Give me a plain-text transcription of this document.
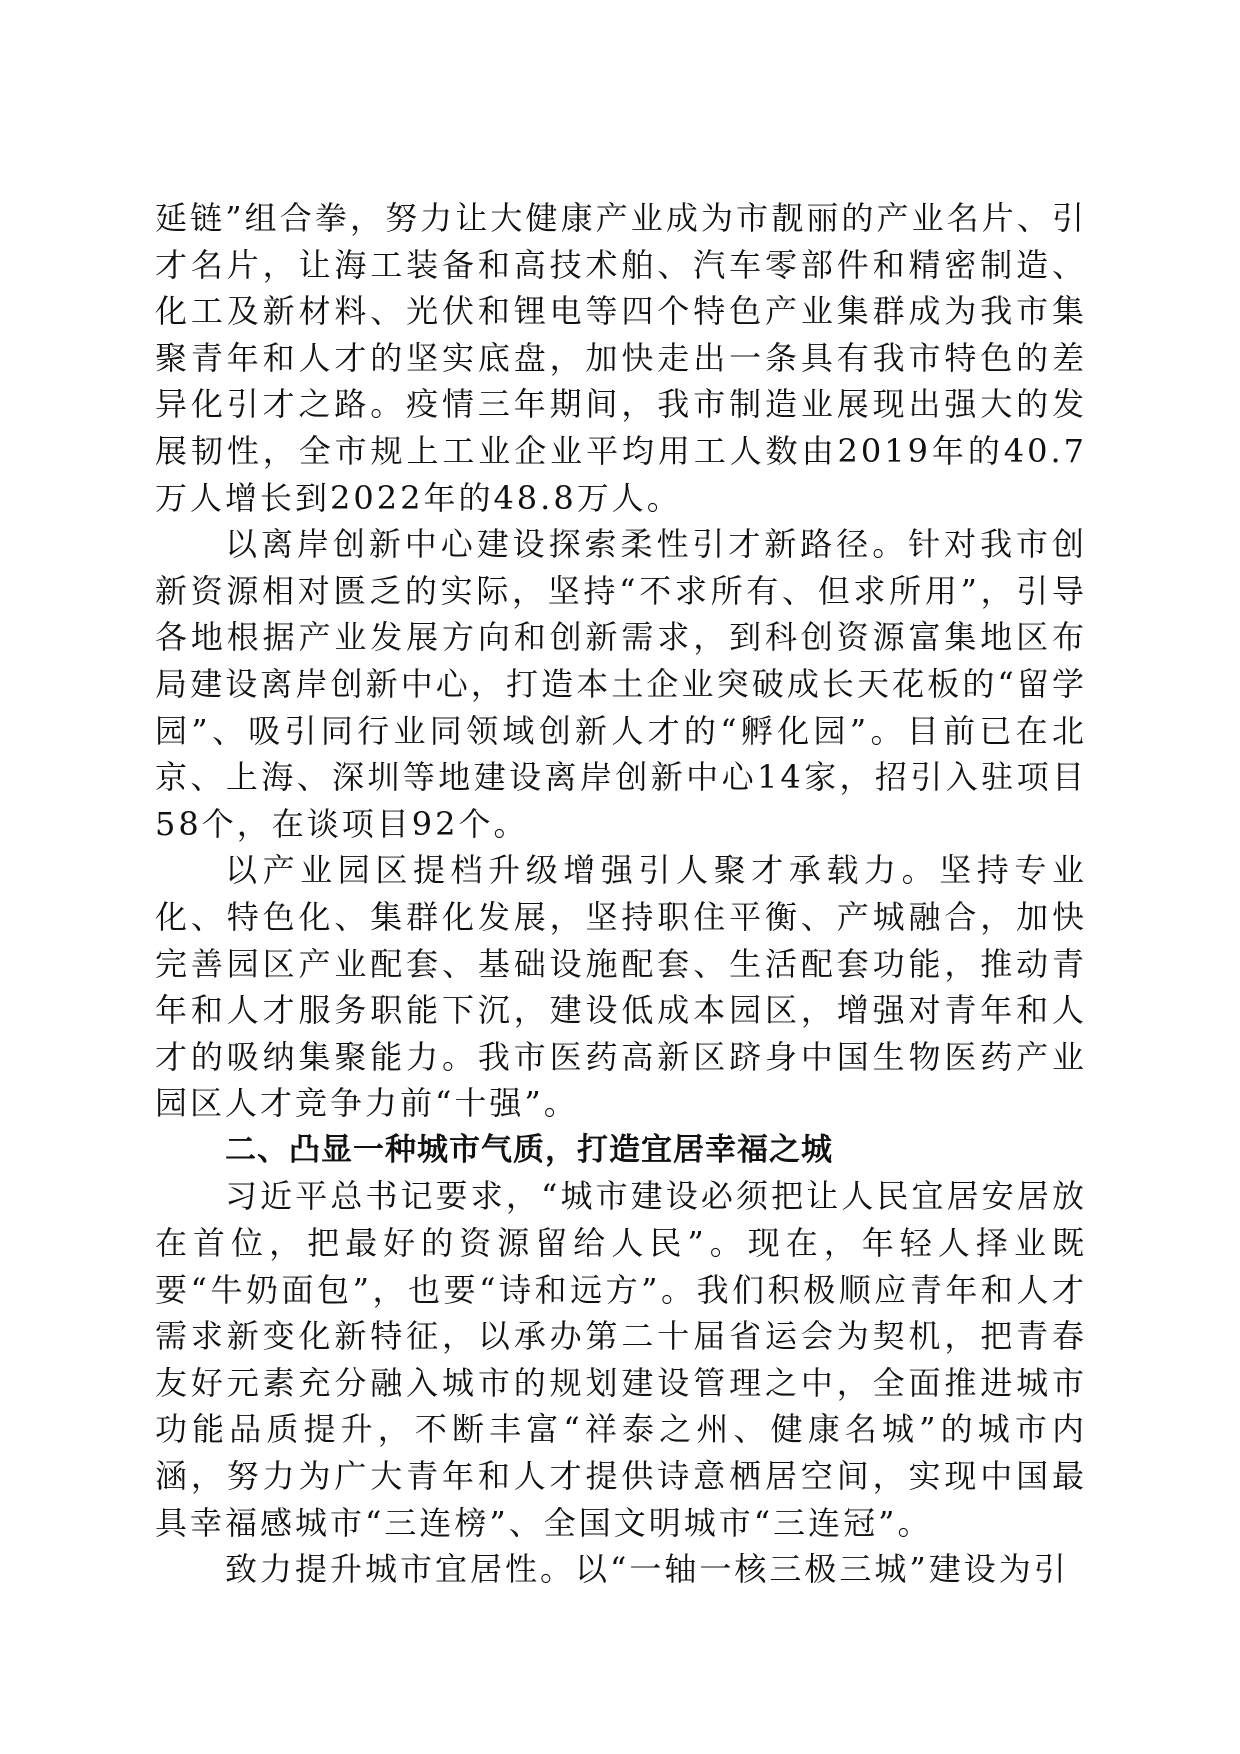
延链”组合拳，努力让大健康产业成为市靓丽的产业名片、引才名片，让海工装备和高技术舶、汽车零部件和精密制造、化工及新材料、光伏和锂电等四个特色产业集群成为我市集聚青年和人才的坚实底盘，加快走出一条具有我市特色的差异化引才之路。疫情三年期间，我市制造业展现出强大的发展韧性，全市规上工业企业平均用工人数由2019年的40.7万人增长到2022年的48.8万人。

以离岸创新中心建设探索柔性引才新路径。针对我市创新资源相对匮乏的实际，坚持“不求所有、但求所用”，引导各地根据产业发展方向和创新需求，到科创资源富集地区布局建设离岸创新中心，打造本土企业突破成长天花板的“留学园”、吸引同行业同领域创新人才的“孵化园”。目前已在北京、上海、深圳等地建设离岸创新中心14家，招引入驻项目58个，在谈项目92个。

以产业园区提档升级增强引人聚才承载力。坚持专业化、特色化、集群化发展，坚持职住平衡、产城融合，加快完善园区产业配套、基础设施配套、生活配套功能，推动青年和人才服务职能下沉，建设低成本园区，增强对青年和人才的吸纳集聚能力。我市医药高新区跻身中国生物医药产业园区人才竞争力前“十强”。

二、凸显一种城市气质，打造宜居幸福之城

习近平总书记要求，“城市建设必须把让人民宜居安居放在首位，把最好的资源留给人民”。现在，年轻人择业既要“牛奶面包”，也要“诗和远方”。我们积极顺应青年和人才需求新变化新特征，以承办第二十届省运会为契机，把青春友好元素充分融入城市的规划建设管理之中，全面推进城市功能品质提升，不断丰富“祥泰之州、健康名城”的城市内涵，努力为广大青年和人才提供诗意栖居空间，实现中国最具幸福感城市“三连榜”、全国文明城市“三连冠”。

致力提升城市宜居性。以“一轴一核三极三城”建设为引
